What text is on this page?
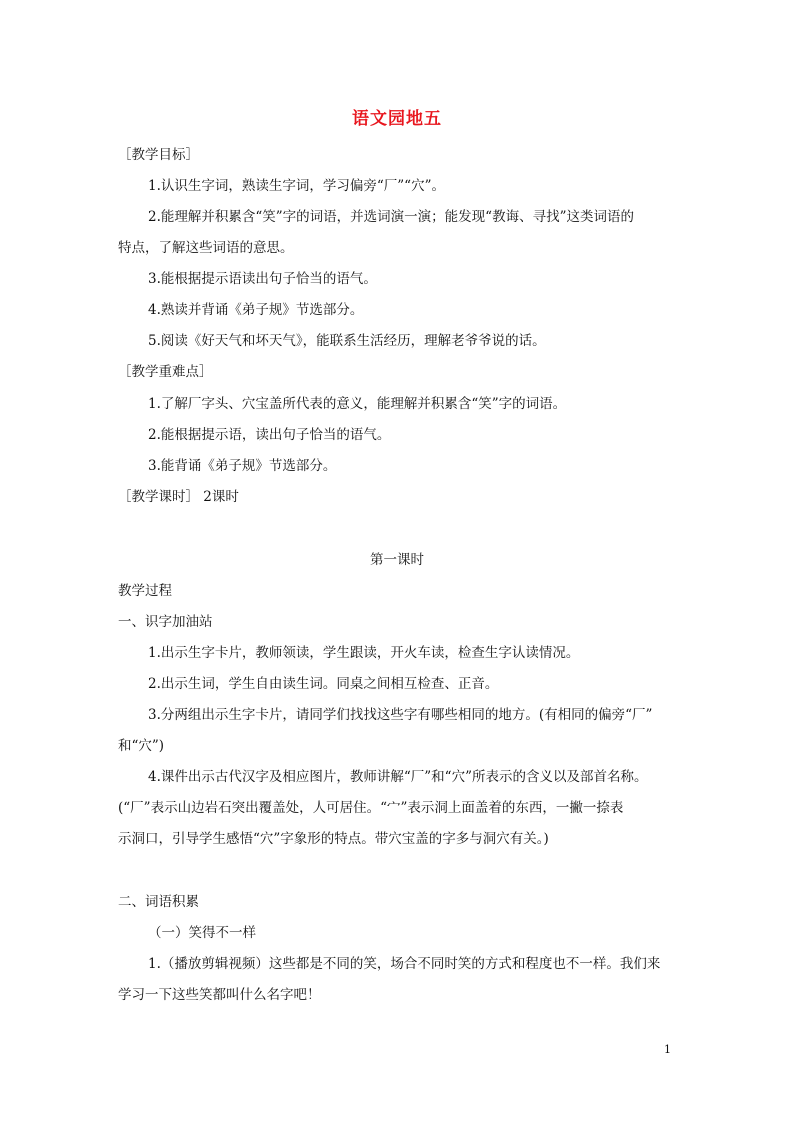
语文园地五
［教学目标］
1.认识生字词，熟读生字词，学习偏旁“厂”“穴”。
2.能理解并积累含“笑”字的词语，并选词演一演；能发现“教诲、寻找”这类词语的
特点，了解这些词语的意思。
3.能根据提示语读出句子恰当的语气。
4.熟读并背诵《弟子规》节选部分。
5.阅读《好天气和坏天气》，能联系生活经历，理解老爷爷说的话。
［教学重难点］
1.了解厂字头、穴宝盖所代表的意义，能理解并积累含“笑”字的词语。
2.能根据提示语，读出句子恰当的语气。
3.能背诵《弟子规》节选部分。
［教学课时］ 2课时
第一课时
教学过程
一、识字加油站
1.出示生字卡片，教师领读，学生跟读，开火车读，检查生字认读情况。
2.出示生词，学生自由读生词。同桌之间相互检查、正音。
3.分两组出示生字卡片，请同学们找找这些字有哪些相同的地方。(有相同的偏旁“厂”
和“穴”)
4.课件出示古代汉字及相应图片，教师讲解“厂”和“穴”所表示的含义以及部首名称。
(“厂”表示山边岩石突出覆盖处，人可居住。“宀”表示洞上面盖着的东西，一撇一捺表
示洞口，引导学生感悟“穴”字象形的特点。带穴宝盖的字多与洞穴有关。)
二、词语积累
（一）笑得不一样
1.（播放剪辑视频）这些都是不同的笑，场合不同时笑的方式和程度也不一样。我们来
学习一下这些笑都叫什么名字吧！
1
